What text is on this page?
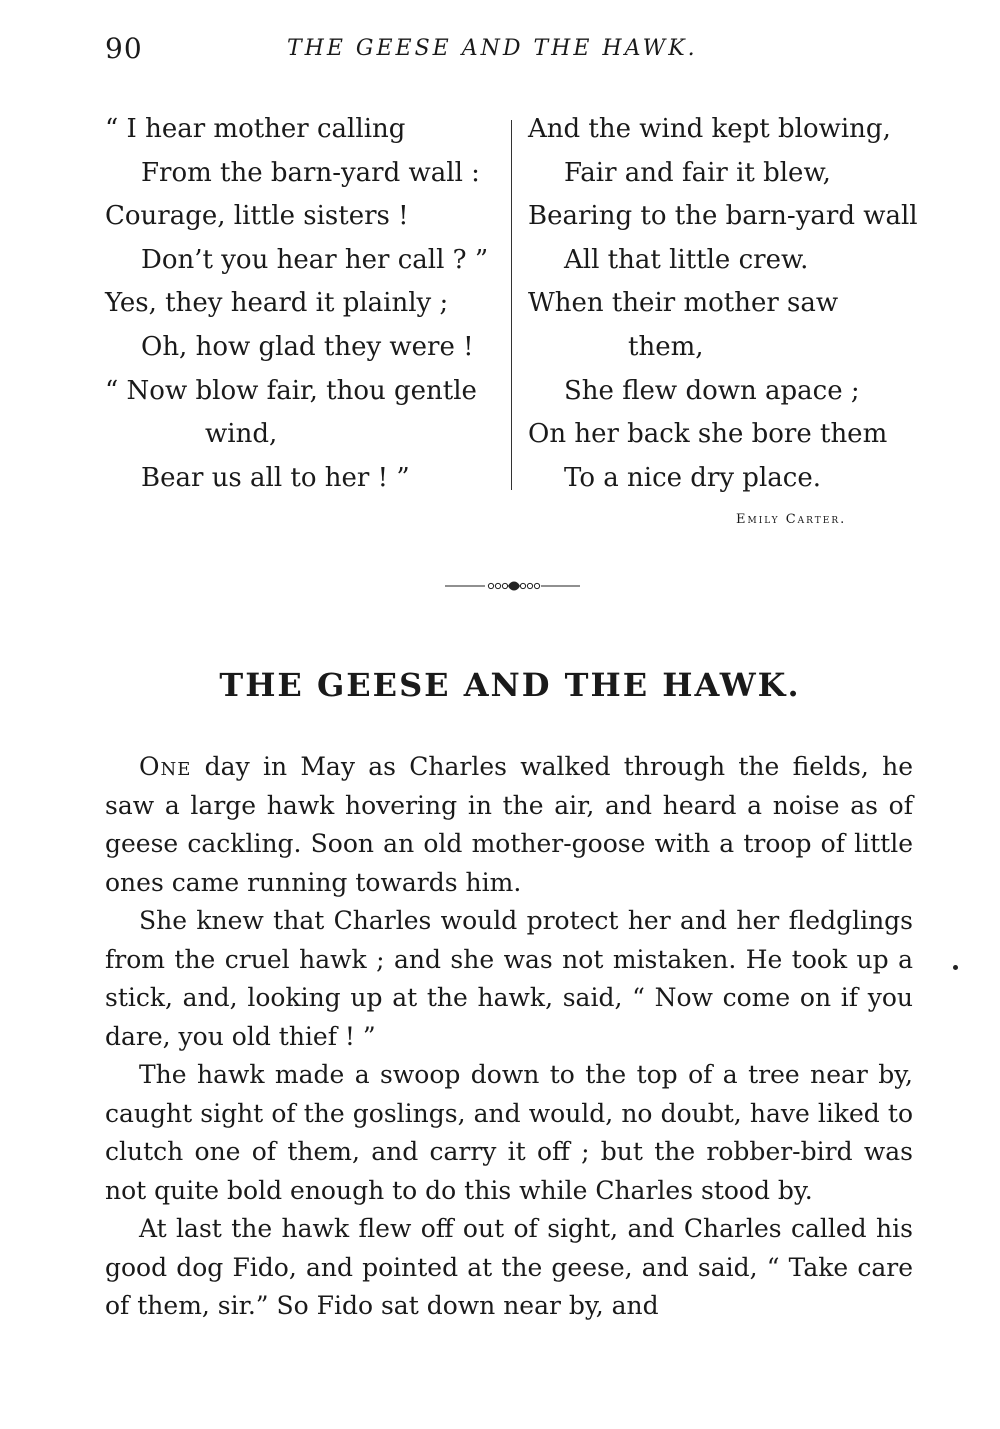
90	THE GEESE AND THE HAWK.
“ I hear mother calling
From the barn-yard wall :
Courage, little sisters !
Don’t you hear her call ? ”
Yes, they heard it plainly ;
Oh, how glad they were !
“ Now blow fair, thou gentle
wind,
Bear us all to her ! ”
And the wind kept blowing,
Fair and fair it blew,
Bearing to the barn-yard wall
All that little crew.
When their mother saw
them,
She flew down apace ;
On her back she bore them
To a nice dry place.
Emily Carter.
THE GEESE AND THE HAWK.

One day in May as Charles walked through the fields, he saw a large hawk hovering in the air, and heard a noise as of geese cackling. Soon an old mother-goose with a troop of little ones came running towards him.

She knew that Charles would protect her and her fledglings from the cruel hawk ; and she was not mistaken. He took up a stick, and, looking up at the hawk, said, “ Now come on if you dare, you old thief ! ”

The hawk made a swoop down to the top of a tree near by, caught sight of the goslings, and would, no doubt, have liked to clutch one of them, and carry it off ; but the robber-bird was not quite bold enough to do this while Charles stood by.

At last the hawk flew off out of sight, and Charles called his good dog Fido, and pointed at the geese, and said, “ Take care of them, sir.” So Fido sat down near by, and
